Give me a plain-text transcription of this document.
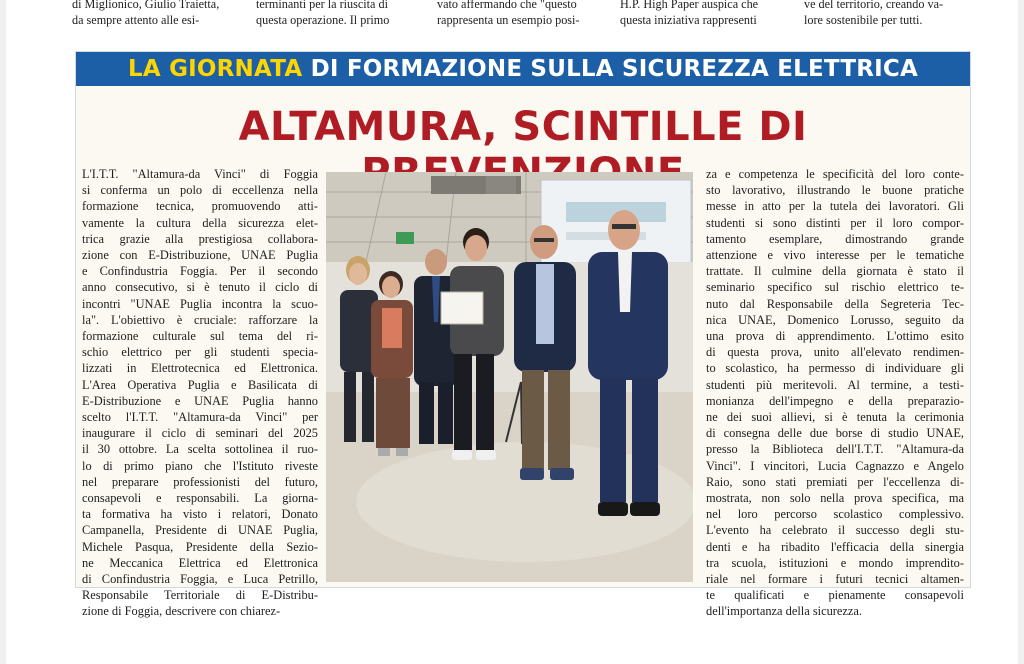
di Miglionico, Giulio Traietta,
da sempre attento alle esi-
terminanti per la riuscita di
questa operazione. Il primo
vato affermando che "questo
rappresenta un esempio posi-
H.P. High Paper auspica che
questa iniziativa rappresenti
ve del territorio, creando va-
lore sostenibile per tutti.
LA GIORNATA DI FORMAZIONE SULLA SICUREZZA ELETTRICA
ALTAMURA, SCINTILLE DI
L'I.T.T. "Altamura-da Vinci" di Foggia
si conferma un polo di eccellenza nella
formazione tecnica, promuovendo atti-
vamente la cultura della sicurezza elet-
trica grazie alla prestigiosa collabora-
zione con E-Distribuzione, UNAE Puglia
e Confindustria Foggia. Per il secondo
anno consecutivo, si è tenuto il ciclo di
incontri "UNAE Puglia incontra la scuo-
la". L'obiettivo è cruciale: rafforzare la
formazione culturale sul tema del ri-
schio elettrico per gli studenti specia-
lizzati in Elettrotecnica ed Elettronica.
L'Area Operativa Puglia e Basilicata di
E-Distribuzione e UNAE Puglia hanno
scelto l'I.T.T. "Altamura-da Vinci" per
inaugurare il ciclo di seminari del 2025
il 30 ottobre. La scelta sottolinea il ruo-
lo di primo piano che l'Istituto riveste
nel preparare professionisti del futuro,
consapevoli e responsabili. La giorna-
ta formativa ha visto i relatori, Donato
Campanella, Presidente di UNAE Puglia,
Michele Pasqua, Presidente della Sezio-
ne Meccanica Elettrica ed Elettronica
di Confindustria Foggia, e Luca Petrillo,
Responsabile Territoriale di E-Distribu-
zione di Foggia, descrivere con chiarez-
za e competenza le specificità del loro conte-
sto lavorativo, illustrando le buone pratiche
messe in atto per la tutela dei lavoratori. Gli
studenti si sono distinti per il loro compor-
tamento esemplare, dimostrando grande
attenzione e vivo interesse per le tematiche
trattate. Il culmine della giornata è stato il
seminario specifico sul rischio elettrico te-
nuto dal Responsabile della Segreteria Tec-
nica UNAE, Domenico Lorusso, seguito da
una prova di apprendimento. L'ottimo esito
di questa prova, unito all'elevato rendimen-
to scolastico, ha permesso di individuare gli
studenti più meritevoli. Al termine, a testi-
monianza dell'impegno e della preparazio-
ne dei suoi allievi, si è tenuta la cerimonia
di consegna delle due borse di studio UNAE,
presso la Biblioteca dell'I.T.T. "Altamura-da
Vinci". I vincitori, Lucia Cagnazzo e Angelo
Raio, sono stati premiati per l'eccellenza di-
mostrata, non solo nella prova specifica, ma
nel loro percorso scolastico complessivo.
L'evento ha celebrato il successo degli stu-
denti e ha ribadito l'efficacia della sinergia
tra scuola, istituzioni e mondo imprendito-
riale nel formare i futuri tecnici altamen-
te qualificati e pienamente consapevoli
dell'importanza della sicurezza.
